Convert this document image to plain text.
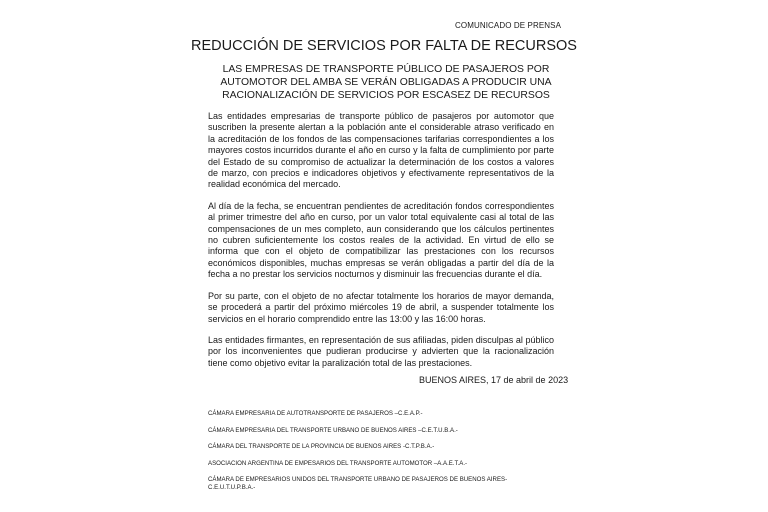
COMUNICADO DE PRENSA
REDUCCIÓN DE SERVICIOS POR FALTA DE RECURSOS
LAS EMPRESAS DE TRANSPORTE PÚBLICO DE PASAJEROS POR AUTOMOTOR DEL AMBA SE VERÁN OBLIGADAS A PRODUCIR UNA RACIONALIZACIÓN DE SERVICIOS POR ESCASEZ DE RECURSOS

Las entidades empresarias de transporte público de pasajeros por automotor que suscriben la presente alertan a la población ante el considerable atraso verificado en la acreditación de los fondos de las compensaciones tarifarias correspondientes a los mayores costos incurridos durante el año en curso y la falta de cumplimiento por parte del Estado de su compromiso de actualizar la determinación de los costos a valores de marzo, con precios e indicadores objetivos y efectivamente representativos de la realidad económica del mercado.

Al día de la fecha, se encuentran pendientes de acreditación fondos correspondientes al primer trimestre del año en curso, por un valor total equivalente casi al total de las compensaciones de un mes completo, aun considerando que los cálculos pertinentes no cubren suficientemente los costos reales de la actividad. En virtud de ello se informa que con el objeto de compatibilizar las prestaciones con los recursos económicos disponibles, muchas empresas se verán obligadas a partir del día de la fecha a no prestar los servicios nocturnos y disminuir las frecuencias durante el día.

Por su parte, con el objeto de no afectar totalmente los horarios de mayor demanda, se procederá a partir del próximo miércoles 19 de abril, a suspender totalmente los servicios en el horario comprendido entre las 13:00 y las 16:00 horas.

Las entidades firmantes, en representación de sus afiliadas, piden disculpas al público por los inconvenientes que pudieran producirse y advierten que la racionalización tiene como objetivo evitar la paralización total de las prestaciones.

BUENOS AIRES, 17 de abril de 2023
CÁMARA EMPRESARIA DE AUTOTRANSPORTE DE PASAJEROS –C.E.A.P.-
CÁMARA EMPRESARIA DEL TRANSPORTE URBANO DE BUENOS AIRES –C.E.T.U.B.A.-
CÁMARA DEL TRANSPORTE DE LA PROVINCIA DE BUENOS AIRES -C.T.P.B.A.-
ASOCIACION ARGENTINA DE EMPESARIOS DEL TRANSPORTE AUTOMOTOR –A.A.E.T.A.-
CÁMARA DE EMPRESARIOS UNIDOS DEL TRANSPORTE URBANO DE PASAJEROS DE BUENOS AIRES-C.E.U.T.U.P.B.A.-
